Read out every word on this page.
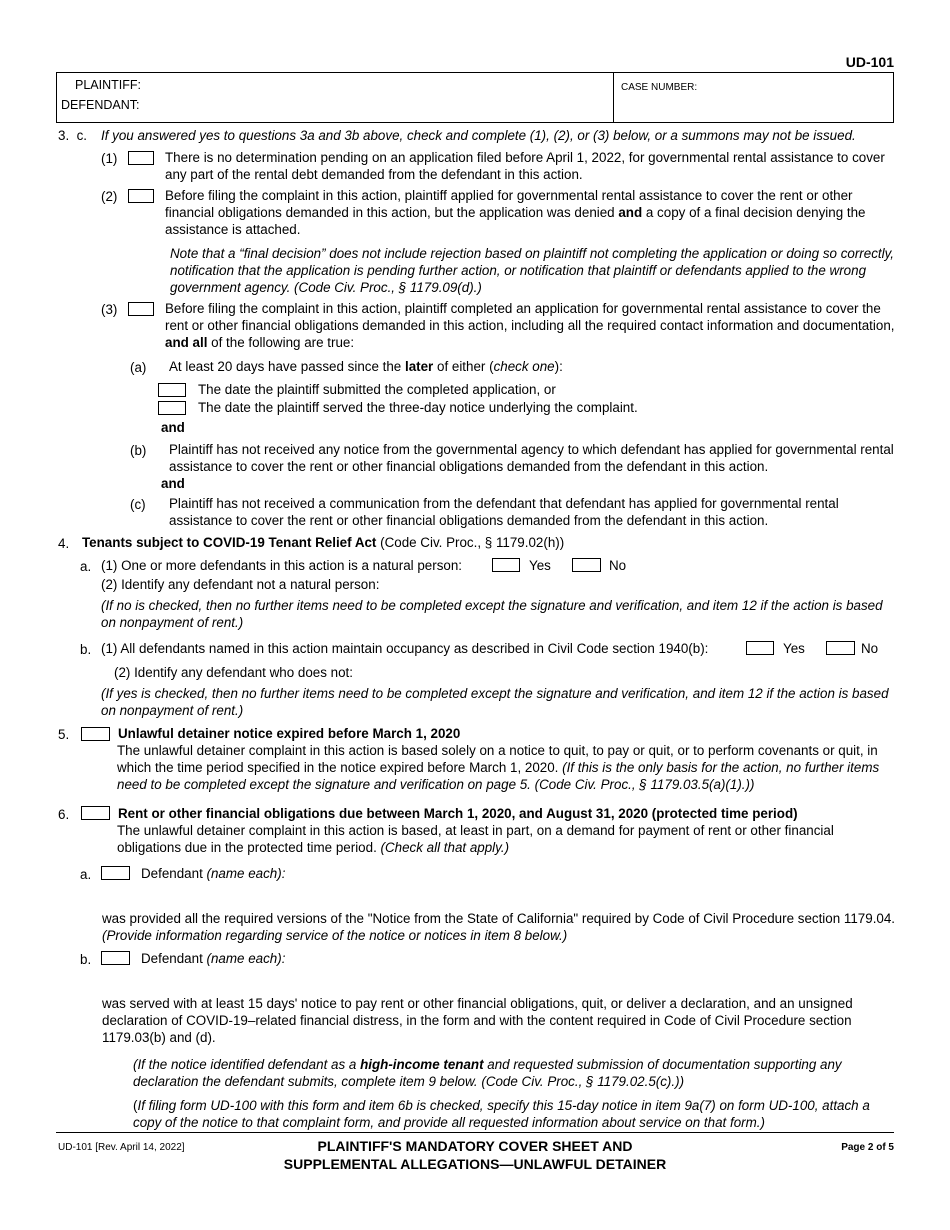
UD-101
PLAINTIFF:
DEFENDANT:
CASE NUMBER:
3.  c. If you answered yes to questions 3a and 3b above, check and complete (1), (2), or (3) below, or a summons may not be issued.
(1)	There is no determination pending on an application filed before April 1, 2022, for governmental rental assistance to cover any part of the rental debt demanded from the defendant in this action.
(2)	Before filing the complaint in this action, plaintiff applied for governmental rental assistance to cover the rent or other financial obligations demanded in this action, but the application was denied and a copy of a final decision denying the assistance is attached.
Note that a “final decision” does not include rejection based on plaintiff not completing the application or doing so correctly, notification that the application is pending further action, or notification that plaintiff or defendants applied to the wrong government agency. (Code Civ. Proc., § 1179.09(d).)
(3)	Before filing the complaint in this action, plaintiff completed an application for governmental rental assistance to cover the rent or other financial obligations demanded in this action, including all the required contact information and documentation, and all of the following are true:
(a) At least 20 days have passed since the later of either (check one):
The date the plaintiff submitted the completed application, or
The date the plaintiff served the three-day notice underlying the complaint.
and
(b) Plaintiff has not received any notice from the governmental agency to which defendant has applied for governmental rental assistance to cover the rent or other financial obligations demanded from the defendant in this action.
and
(c) Plaintiff has not received a communication from the defendant that defendant has applied for governmental rental assistance to cover the rent or other financial obligations demanded from the defendant in this action.
4. Tenants subject to COVID-19 Tenant Relief Act (Code Civ. Proc., § 1179.02(h))
a. (1) One or more defendants in this action is a natural person:	Yes	No
(2) Identify any defendant not a natural person:
(If no is checked, then no further items need to be completed except the signature and verification, and item 12 if the action is based on nonpayment of rent.)
b. (1) All defendants named in this action maintain occupancy as described in Civil Code section 1940(b):	Yes	No
(2) Identify any defendant who does not:
(If yes is checked, then no further items need to be completed except the signature and verification, and item 12 if the action is based on nonpayment of rent.)
5.	Unlawful detainer notice expired before March 1, 2020
The unlawful detainer complaint in this action is based solely on a notice to quit, to pay or quit, or to perform covenants or quit, in which the time period specified in the notice expired before March 1, 2020. (If this is the only basis for the action, no further items need to be completed except the signature and verification on page 5. (Code Civ. Proc., § 1179.03.5(a)(1).))
6.	Rent or other financial obligations due between March 1, 2020, and August 31, 2020 (protected time period)
The unlawful detainer complaint in this action is based, at least in part, on a demand for payment of rent or other financial obligations due in the protected time period. (Check all that apply.)
a.	Defendant (name each):
was provided all the required versions of the "Notice from the State of California" required by Code of Civil Procedure section 1179.04. (Provide information regarding service of the notice or notices in item 8 below.)
b.	Defendant (name each):
was served with at least 15 days' notice to pay rent or other financial obligations, quit, or deliver a declaration, and an unsigned declaration of COVID-19–related financial distress, in the form and with the content required in Code of Civil Procedure section 1179.03(b) and (d).
(If the notice identified defendant as a high-income tenant and requested submission of documentation supporting any declaration the defendant submits, complete item 9 below. (Code Civ. Proc., § 1179.02.5(c).))
(If filing form UD-100 with this form and item 6b is checked, specify this 15-day notice in item 9a(7) on form UD-100, attach a copy of the notice to that complaint form, and provide all requested information about service on that form.)
UD-101 [Rev. April 14, 2022]	PLAINTIFF'S MANDATORY COVER SHEET AND
SUPPLEMENTAL ALLEGATIONS—UNLAWFUL DETAINER
Page 2 of 5
